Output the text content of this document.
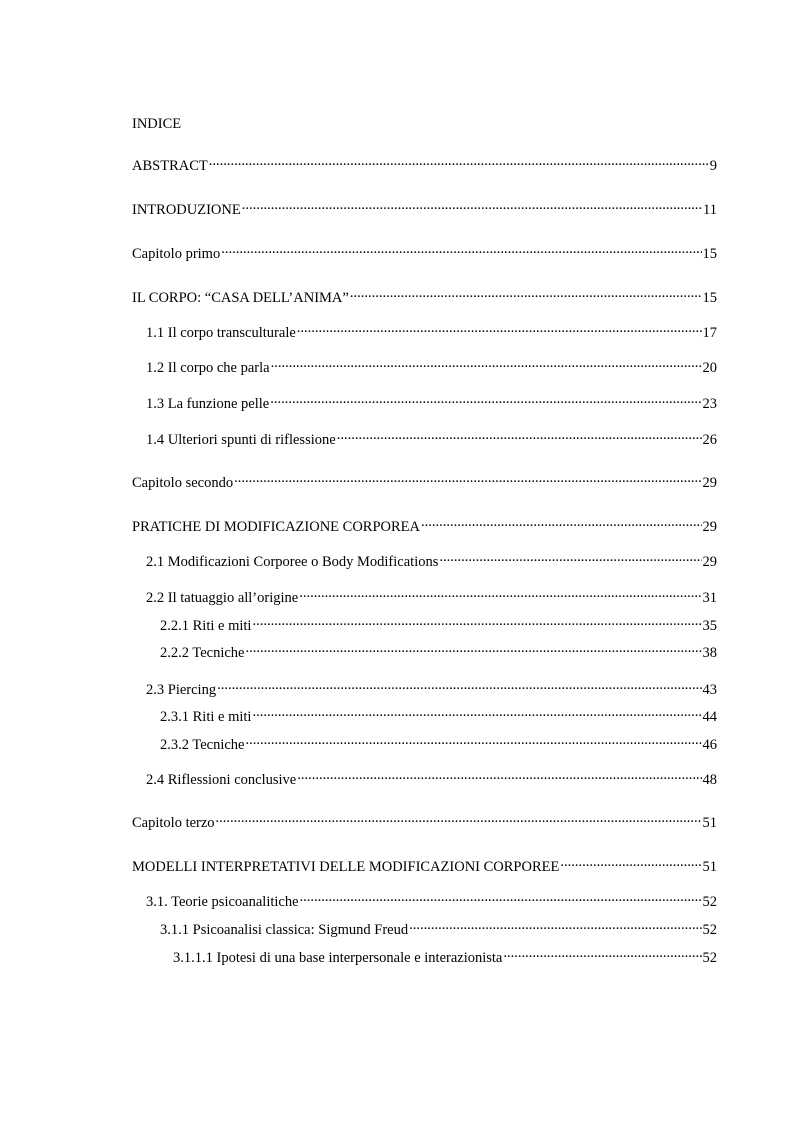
INDICE
ABSTRACT .....	9
INTRODUZIONE .....	11
Capitolo primo .....	15
IL CORPO: “CASA DELL’ANIMA” .....	15
1.1 Il corpo transculturale .....	17
1.2 Il corpo che parla .....	20
1.3 La funzione pelle .....	23
1.4 Ulteriori spunti di riflessione .....	26
Capitolo secondo .....	29
PRATICHE DI MODIFICAZIONE CORPOREA .....	29
2.1 Modificazioni Corporee o Body Modifications .....	29
2.2 Il tatuaggio all’origine .....	31
2.2.1 Riti e miti .....	35
2.2.2 Tecniche .....	38
2.3 Piercing .....	43
2.3.1 Riti e miti .....	44
2.3.2 Tecniche .....	46
2.4 Riflessioni conclusive .....	48
Capitolo terzo .....	51
MODELLI INTERPRETATIVI DELLE MODIFICAZIONI CORPOREE .....	51
3.1. Teorie psicoanalitiche .....	52
3.1.1 Psicoanalisi classica: Sigmund Freud .....	52
3.1.1.1 Ipotesi di una base interpersonale e interazionista .....	52
